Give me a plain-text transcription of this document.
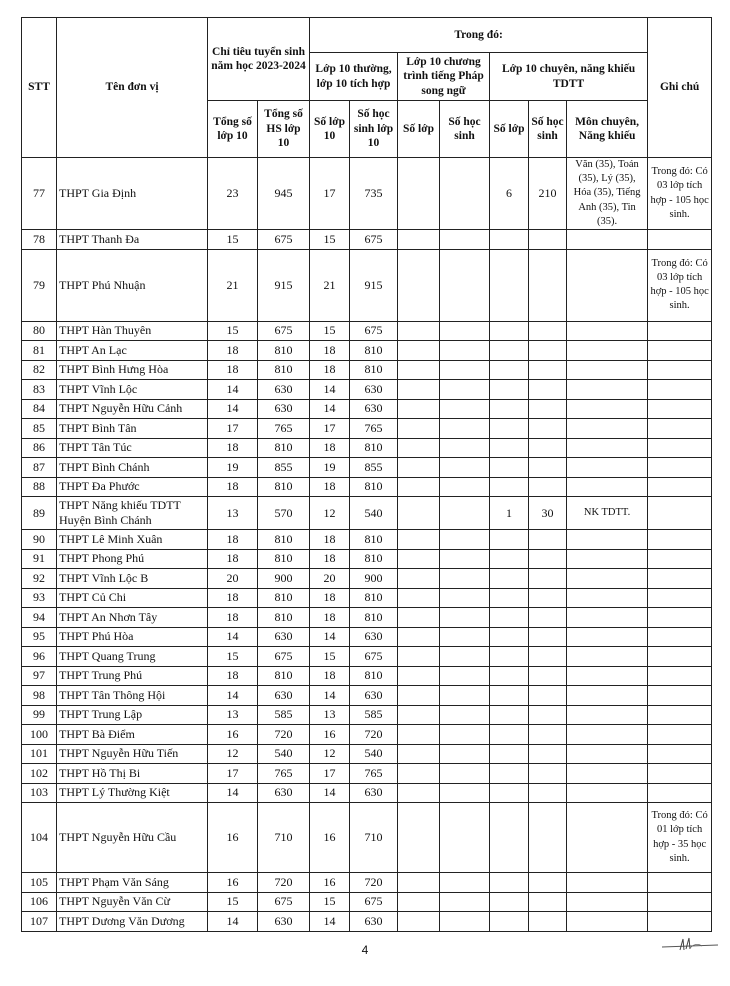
STT	Tên đơn vị	Chỉ tiêu tuyển sinh năm học 2023-2024		Trong đó:							Ghi chú
				Lớp 10 thường, lớp 10 tích hợp		Lớp 10 chương trình tiếng Pháp song ngữ		Lớp 10 chuyên, năng khiếu TDTT			
		Tổng số lớp 10	Tổng số HS lớp 10	Số lớp 10	Số học sinh lớp 10	Số lớp	Số học sinh	Số lớp	Số học sinh	Môn chuyên, Năng khiếu	
77	THPT Gia Định	23	945	17	735			6	210	Văn (35), Toán (35), Lý (35), Hóa (35), Tiếng Anh (35), Tin (35).	Trong đó: Có 03 lớp tích hợp - 105 học sinh.
78	THPT Thanh Đa	15	675	15	675						
79	THPT Phú Nhuận	21	915	21	915						Trong đó: Có 03 lớp tích hợp - 105 học sinh.
80	THPT Hàn Thuyên	15	675	15	675						
81	THPT An Lạc	18	810	18	810						
82	THPT Bình Hưng Hòa	18	810	18	810						
83	THPT Vĩnh Lộc	14	630	14	630						
84	THPT Nguyễn Hữu Cảnh	14	630	14	630						
85	THPT Bình Tân	17	765	17	765						
86	THPT Tân Túc	18	810	18	810						
87	THPT Bình Chánh	19	855	19	855						
88	THPT Đa Phước	18	810	18	810						
89	THPT Năng khiếu TDTT Huyện Bình Chánh	13	570	12	540			1	30	NK TDTT.	
90	THPT Lê Minh Xuân	18	810	18	810						
91	THPT Phong Phú	18	810	18	810						
92	THPT Vĩnh Lộc B	20	900	20	900						
93	THPT Củ Chi	18	810	18	810						
94	THPT An Nhơn Tây	18	810	18	810						
95	THPT Phú Hòa	14	630	14	630						
96	THPT Quang Trung	15	675	15	675						
97	THPT Trung Phú	18	810	18	810						
98	THPT Tân Thông Hội	14	630	14	630						
99	THPT Trung Lập	13	585	13	585						
100	THPT Bà Điểm	16	720	16	720						
101	THPT Nguyễn Hữu Tiến	12	540	12	540						
102	THPT Hồ Thị Bi	17	765	17	765						
103	THPT Lý Thường Kiệt	14	630	14	630						
104	THPT Nguyễn Hữu Cầu	16	710	16	710						Trong đó: Có 01 lớp tích hợp - 35 học sinh.
105	THPT Phạm Văn Sáng	16	720	16	720						
106	THPT Nguyễn Văn Cừ	15	675	15	675						
107	THPT Dương Văn Dương	14	630	14	630						
4
